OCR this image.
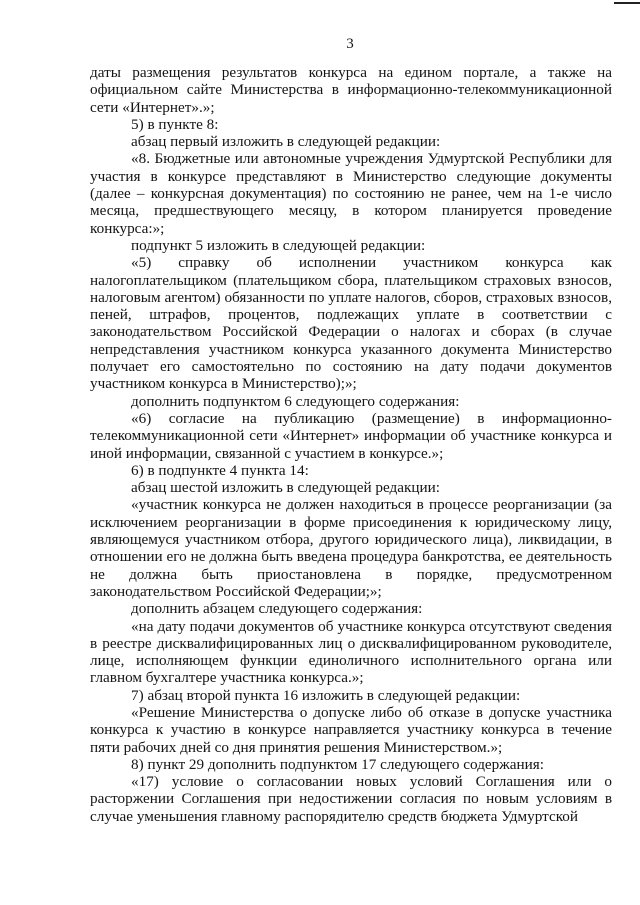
3

даты размещения результатов конкурса на едином портале, а также на официальном сайте Министерства в информационно-телекоммуникационной сети «Интернет».»;

5) в пункте 8:

абзац первый изложить в следующей редакции:

«8. Бюджетные или автономные учреждения Удмуртской Республики для участия в конкурсе представляют в Министерство следующие документы (далее – конкурсная документация) по состоянию не ранее, чем на 1-е число месяца, предшествующего месяцу, в котором планируется проведение конкурса:»;

подпункт 5 изложить в следующей редакции:

«5) справку об исполнении участником конкурса как налогоплательщиком (плательщиком сбора, плательщиком страховых взносов, налоговым агентом) обязанности по уплате налогов, сборов, страховых взносов, пеней, штрафов, процентов, подлежащих уплате в соответствии с законодательством Российской Федерации о налогах и сборах (в случае непредставления участником конкурса указанного документа Министерство получает его самостоятельно по состоянию на дату подачи документов участником конкурса в Министерство);»;

дополнить подпунктом 6 следующего содержания:

«6) согласие на публикацию (размещение) в информационно-телекоммуникационной сети «Интернет» информации об участнике конкурса и иной информации, связанной с участием в конкурсе.»;

6) в подпункте 4 пункта 14:

абзац шестой изложить в следующей редакции:

«участник конкурса не должен находиться в процессе реорганизации (за исключением реорганизации в форме присоединения к юридическому лицу, являющемуся участником отбора, другого юридического лица), ликвидации, в отношении его не должна быть введена процедура банкротства, ее деятельность не должна быть приостановлена в порядке, предусмотренном законодательством Российской Федерации;»;

дополнить абзацем следующего содержания:

«на дату подачи документов об участнике конкурса отсутствуют сведения в реестре дисквалифицированных лиц о дисквалифицированном руководителе, лице, исполняющем функции единоличного исполнительного органа или главном бухгалтере участника конкурса.»;

7) абзац второй пункта 16 изложить в следующей редакции:

«Решение Министерства о допуске либо об отказе в допуске участника конкурса к участию в конкурсе направляется участнику конкурса в течение пяти рабочих дней со дня принятия решения Министерством.»;

8) пункт 29 дополнить подпунктом 17 следующего содержания:

«17) условие о согласовании новых условий Соглашения или о расторжении Соглашения при недостижении согласия по новым условиям в случае уменьшения главному распорядителю средств бюджета Удмуртской
